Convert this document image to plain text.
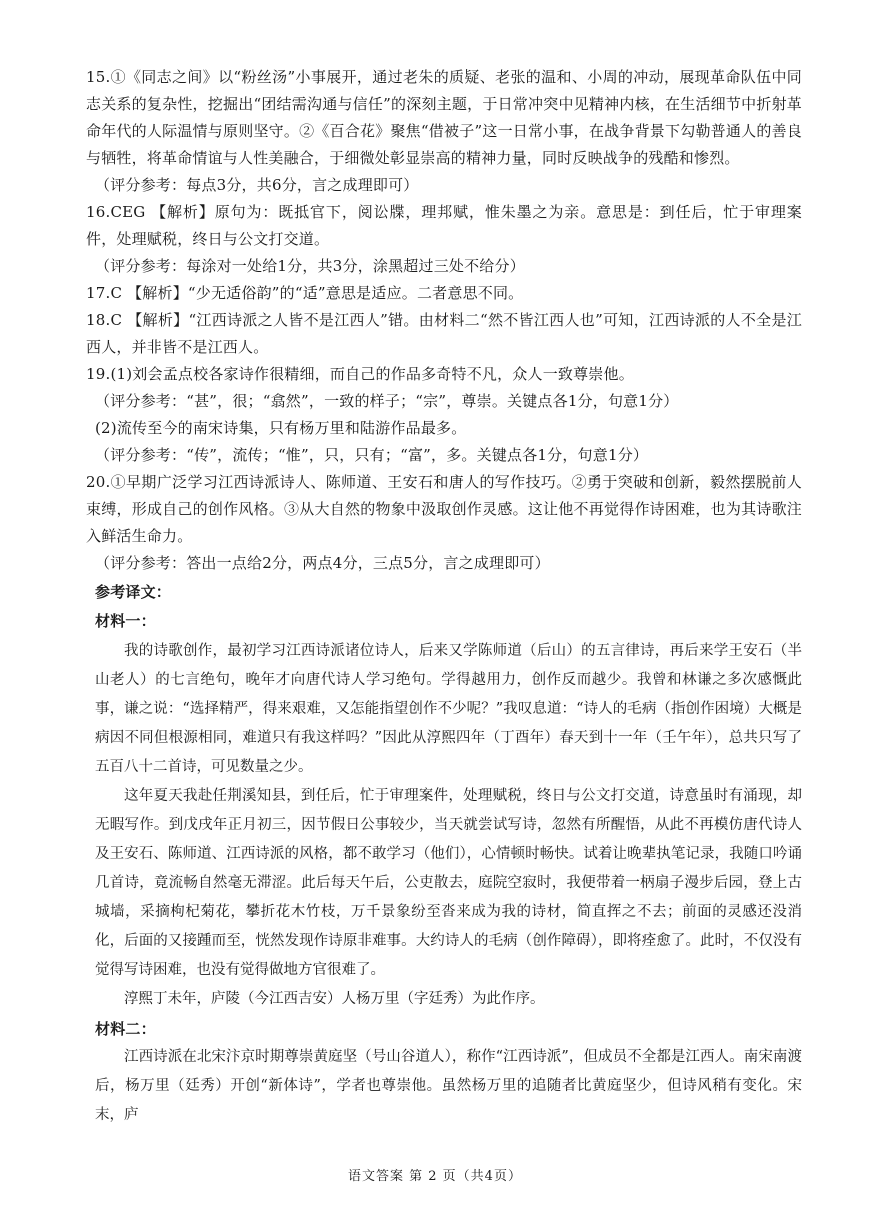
15.①《同志之间》以“粉丝汤”小事展开，通过老朱的质疑、老张的温和、小周的冲动，展现革命队伍中同志关系的复杂性，挖掘出“团结需沟通与信任”的深刻主题，于日常冲突中见精神内核，在生活细节中折射革命年代的人际温情与原则坚守。②《百合花》聚焦“借被子”这一日常小事，在战争背景下勾勒普通人的善良与牺牲，将革命情谊与人性美融合，于细微处彰显崇高的精神力量，同时反映战争的残酷和惨烈。

（评分参考：每点3分，共6分，言之成理即可）

16.CEG 【解析】原句为：既抵官下，阅讼牒，理邦赋，惟朱墨之为亲。意思是：到任后，忙于审理案件，处理赋税，终日与公文打交道。

（评分参考：每涂对一处给1分，共3分，涂黑超过三处不给分）

17.C 【解析】“少无适俗韵”的“适”意思是适应。二者意思不同。

18.C 【解析】“江西诗派之人皆不是江西人”错。由材料二“然不皆江西人也”可知，江西诗派的人不全是江西人，并非皆不是江西人。

19.(1)刘会孟点校各家诗作很精细，而自己的作品多奇特不凡，众人一致尊崇他。

（评分参考：“甚”，很；“翕然”，一致的样子；“宗”，尊崇。关键点各1分，句意1分）

(2)流传至今的南宋诗集，只有杨万里和陆游作品最多。

（评分参考：“传”，流传；“惟”，只，只有；“富”，多。关键点各1分，句意1分）

20.①早期广泛学习江西诗派诗人、陈师道、王安石和唐人的写作技巧。②勇于突破和创新，毅然摆脱前人束缚，形成自己的创作风格。③从大自然的物象中汲取创作灵感。这让他不再觉得作诗困难，也为其诗歌注入鲜活生命力。

（评分参考：答出一点给2分，两点4分，三点5分，言之成理即可）

参考译文：

材料一：

我的诗歌创作，最初学习江西诗派诸位诗人，后来又学陈师道（后山）的五言律诗，再后来学王安石（半山老人）的七言绝句，晚年才向唐代诗人学习绝句。学得越用力，创作反而越少。我曾和林谦之多次感慨此事，谦之说：“选择精严，得来艰难，又怎能指望创作不少呢？”我叹息道：“诗人的毛病（指创作困境）大概是病因不同但根源相同，难道只有我这样吗？”因此从淳熙四年（丁酉年）春天到十一年（壬午年），总共只写了五百八十二首诗，可见数量之少。

这年夏天我赴任荆溪知县，到任后，忙于审理案件，处理赋税，终日与公文打交道，诗意虽时有涌现，却无暇写作。到戊戌年正月初三，因节假日公事较少，当天就尝试写诗，忽然有所醒悟，从此不再模仿唐代诗人及王安石、陈师道、江西诗派的风格，都不敢学习（他们），心情顿时畅快。试着让晚辈执笔记录，我随口吟诵几首诗，竟流畅自然毫无滞涩。此后每天午后，公吏散去，庭院空寂时，我便带着一柄扇子漫步后园，登上古城墙，采摘枸杞菊花，攀折花木竹枝，万千景象纷至沓来成为我的诗材，简直挥之不去；前面的灵感还没消化，后面的又接踵而至，恍然发现作诗原非难事。大约诗人的毛病（创作障碍），即将痊愈了。此时，不仅没有觉得写诗困难，也没有觉得做地方官很难了。

淳熙丁未年，庐陵（今江西吉安）人杨万里（字廷秀）为此作序。

材料二：

江西诗派在北宋汴京时期尊崇黄庭坚（号山谷道人），称作“江西诗派”，但成员不全都是江西人。南宋南渡后，杨万里（廷秀）开创“新体诗”，学者也尊崇他。虽然杨万里的追随者比黄庭坚少，但诗风稍有变化。宋末，庐

语文答案 第 2 页（共4页）
